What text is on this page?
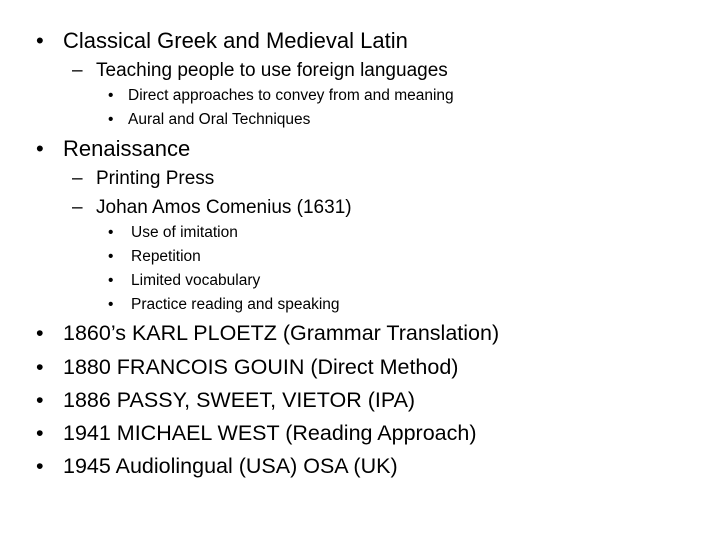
• Classical Greek and Medieval Latin
– Teaching people to use foreign languages
• Direct approaches to convey from and meaning
• Aural and Oral Techniques
• Renaissance
– Printing Press
– Johan Amos Comenius (1631)
• Use of imitation
• Repetition
• Limited vocabulary
• Practice reading and speaking
• 1860’s KARL PLOETZ (Grammar Translation)
• 1880 FRANCOIS GOUIN (Direct Method)
• 1886 PASSY, SWEET, VIETOR (IPA)
• 1941 MICHAEL WEST (Reading Approach)
• 1945 Audiolingual (USA) OSA (UK)
